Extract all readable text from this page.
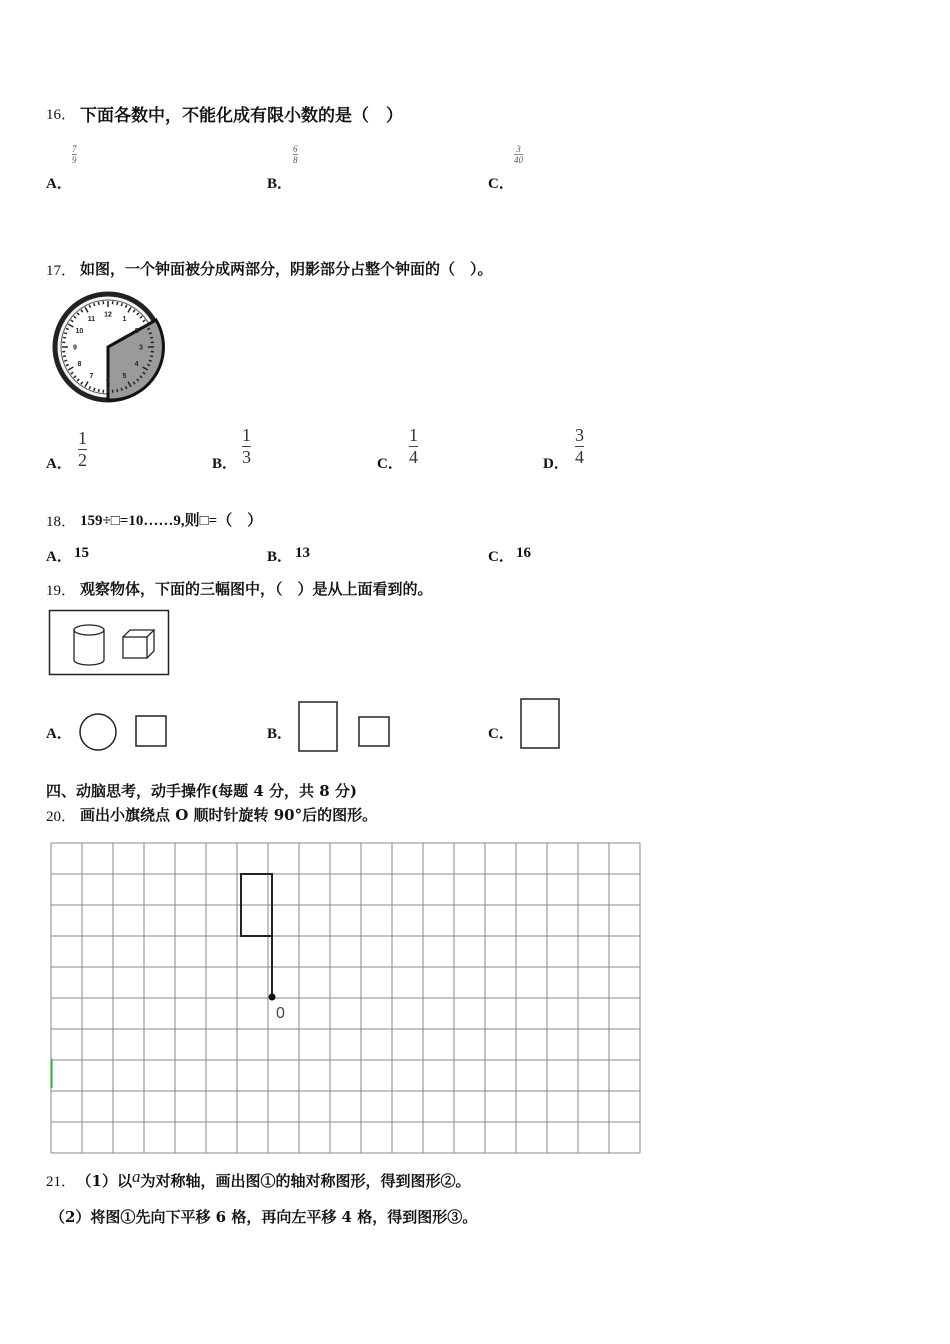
16． 下面各数中，不能化成有限小数的是（　）
A．
7
9
B．
6
8
C．
3
40
17． 如图，一个钟面被分成两部分，阴影部分占整个钟面的（　）。
12
11
10
9
8
7
6
5
4
3
2
1
A．
1
2	B．
1
3	C．
1
4	D．
3
4
18． 159÷□=10……9,则□=（　）
A． 15	B． 13	C． 16
19． 观察物体，下面的三幅图中，（　）是从上面看到的。
A．	B．	C．
四、动脑思考，动手操作(每题 4 分，共 8 分)
20． 画出小旗绕点 O 顺时针旋转 90°后的图形。
0
21． （1）以a为对称轴，画出图①的轴对称图形，得到图形②。
（2）将图①先向下平移 6 格，再向左平移 4 格，得到图形③。
